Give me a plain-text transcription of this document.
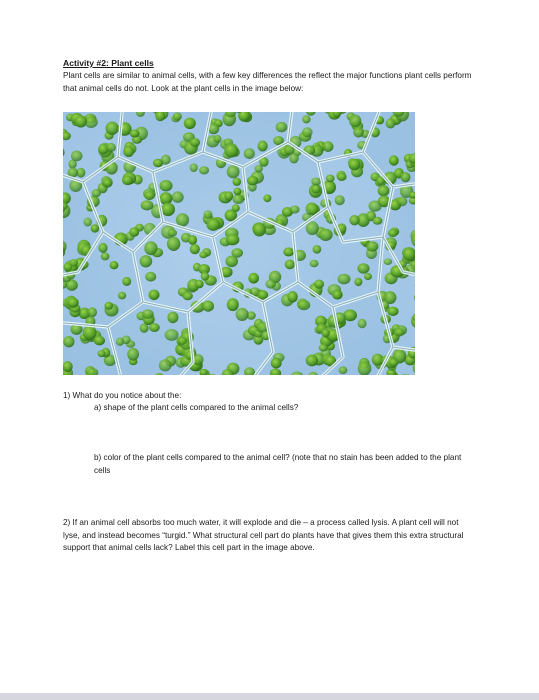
Activity #2: Plant cells
Plant cells are similar to animal cells, with a few key differences the reflect the major functions plant cells perform that animal cells do not. Look at the plant cells in the image below:
1) What do you notice about the:
a) shape of the plant cells compared to the animal cells?
b) color of the plant cells compared to the animal cell? (note that no stain has been added to the plant cells
2) If an animal cell absorbs too much water, it will explode and die – a process called lysis. A plant cell will not lyse, and instead becomes “turgid.” What structural cell part do plants have that gives them this extra structural support that animal cells lack? Label this cell part in the image above.
